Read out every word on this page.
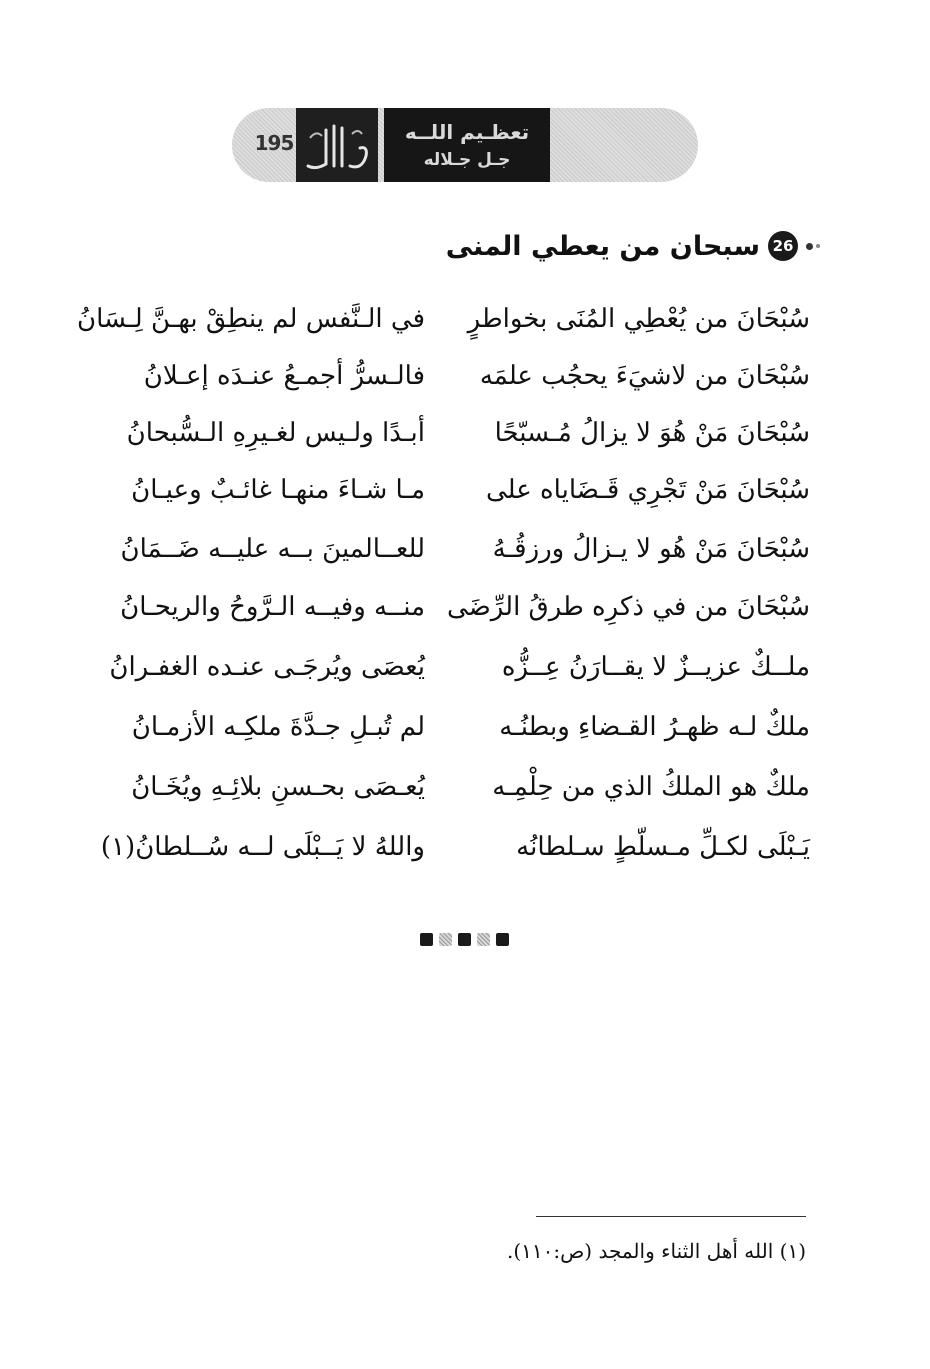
195	تعظـيم اللــه
جـل جـلاله
26
سبحان من يعطي المنى
سُبْحَانَ من يُعْطِي المُنَى بخواطرٍ
في الـنَّفس لم ينطِقْ بهـنَّ لِـسَانُ
سُبْحَانَ من لاشيَءَ يحجُب علمَه
فالـسرُّ أجمـعُ عنـدَه إعـلانُ
سُبْحَانَ مَنْ هُوَ لا يزالُ مُـسبّحًا
أبـدًا ولـيس لغـيرِهِ الـسُّبحانُ
سُبْحَانَ مَنْ تَجْرِي قَـضَاياه على
مـا شـاءَ منهـا غائـبٌ وعيـانُ
سُبْحَانَ مَنْ هُو لا يـزالُ ورزقُـهُ
للعــالمينَ بــه عليــه ضَــمَانُ
سُبْحَانَ من في ذكرِه طرقُ الرِّضَى
منــه وفيــه الـرَّوحُ والريحـانُ
ملــكٌ عزيــزٌ لا يقــارَنُ عِــزُّه
يُعصَى ويُرجَـى عنـده الغفـرانُ
ملكٌ لـه ظهـرُ القـضاءِ وبطنُـه
لم تُبـلِ جـدَّةَ ملكِـه الأزمـانُ
ملكٌ هو الملكُ الذي من حِلْمِـه
يُعـصَى بحـسنِ بلائِـهِ ويُخَـانُ
يَـبْلَى لكـلِّ مـسلّطٍ سـلطانُه
واللهُ لا يَــبْلَى لــه سُــلطانُ(١)
(١) الله أهل الثناء والمجد (ص:١١٠).
